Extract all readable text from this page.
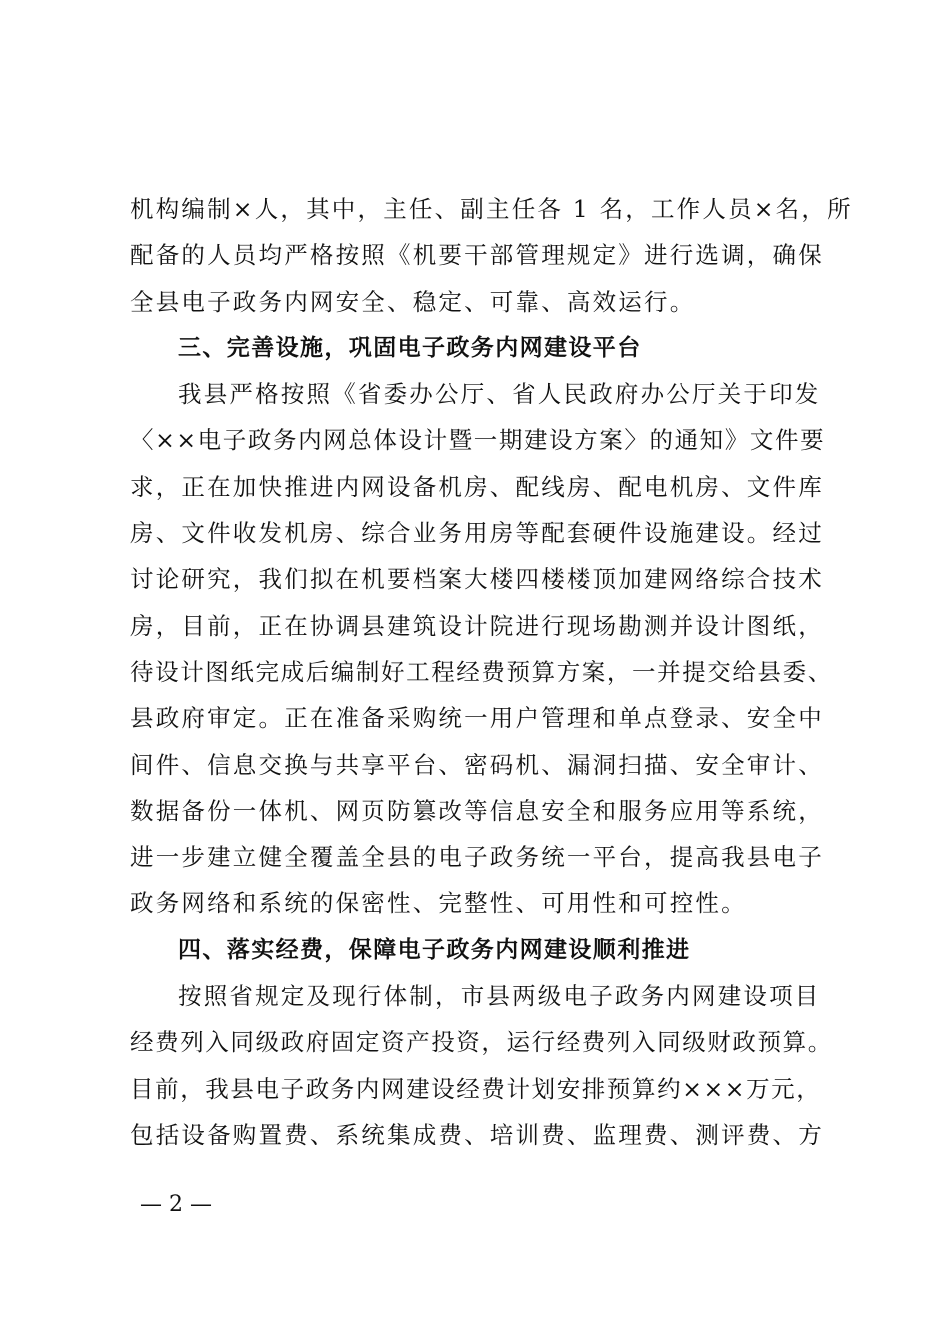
机构编制×人，其中，主任、副主任各 1 名，工作人员×名，所
配备的人员均严格按照《机要干部管理规定》进行选调，确保
全县电子政务内网安全、稳定、可靠、高效运行。
三、完善设施，巩固电子政务内网建设平台
我县严格按照《省委办公厅、省人民政府办公厅关于印发
〈××电子政务内网总体设计暨一期建设方案〉的通知》文件要
求，正在加快推进内网设备机房、配线房、配电机房、文件库
房、文件收发机房、综合业务用房等配套硬件设施建设。经过
讨论研究，我们拟在机要档案大楼四楼楼顶加建网络综合技术
房，目前，正在协调县建筑设计院进行现场勘测并设计图纸，
待设计图纸完成后编制好工程经费预算方案，一并提交给县委、
县政府审定。正在准备采购统一用户管理和单点登录、安全中
间件、信息交换与共享平台、密码机、漏洞扫描、安全审计、
数据备份一体机、网页防篡改等信息安全和服务应用等系统，
进一步建立健全覆盖全县的电子政务统一平台，提高我县电子
政务网络和系统的保密性、完整性、可用性和可控性。
四、落实经费，保障电子政务内网建设顺利推进
按照省规定及现行体制，市县两级电子政务内网建设项目
经费列入同级政府固定资产投资，运行经费列入同级财政预算。
目前，我县电子政务内网建设经费计划安排预算约×××万元，
包括设备购置费、系统集成费、培训费、监理费、测评费、方
— 2 —
